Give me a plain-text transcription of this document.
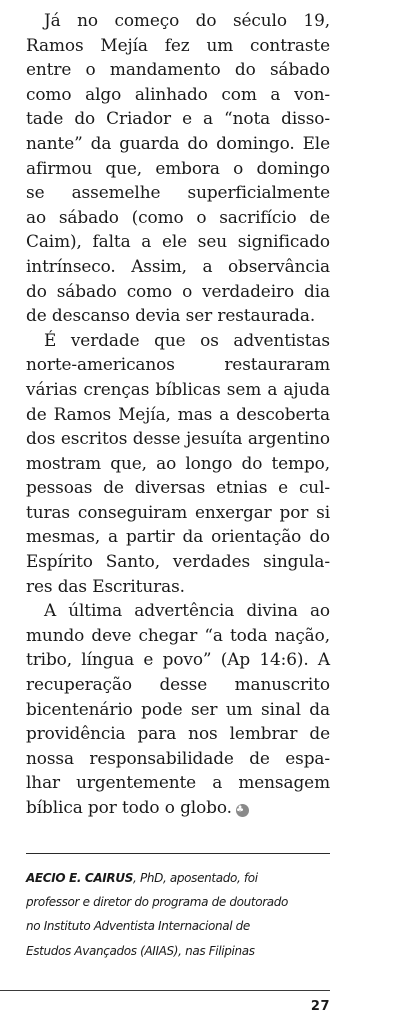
Já no começo do século 19,
Ramos Mejía fez um contraste
entre o mandamento do sábado
como algo alinhado com a von-
tade do Criador e a “nota disso-
nante” da guarda do domingo. Ele
afirmou que, embora o domingo
se assemelhe superficialmente
ao sábado (como o sacrifício de
Caim), falta a ele seu significado
intrínseco. Assim, a observância
do sábado como o verdadeiro dia
de descanso devia ser restaurada.
É verdade que os adventistas
norte-americanos restauraram
várias crenças bíblicas sem a ajuda
de Ramos Mejía, mas a descoberta
dos escritos desse jesuíta argentino
mostram que, ao longo do tempo,
pessoas de diversas etnias e cul-
turas conseguiram enxergar por si
mesmas, a partir da orientação do
Espírito Santo, verdades singula-
res das Escrituras.
A última advertência divina ao
mundo deve chegar “a toda nação,
tribo, língua e povo” (Ap 14:6). A
recuperação desse manuscrito
bicentenário pode ser um sinal da
providência para nos lembrar de
nossa responsabilidade de espa-
lhar urgentemente a mensagem
bíblica por todo o globo. ♣
AECIO E. CAIRUS, PhD, aposentado, foi
professor e diretor do programa de doutorado
no Instituto Adventista Internacional de
Estudos Avançados (AIIAS), nas Filipinas
27
